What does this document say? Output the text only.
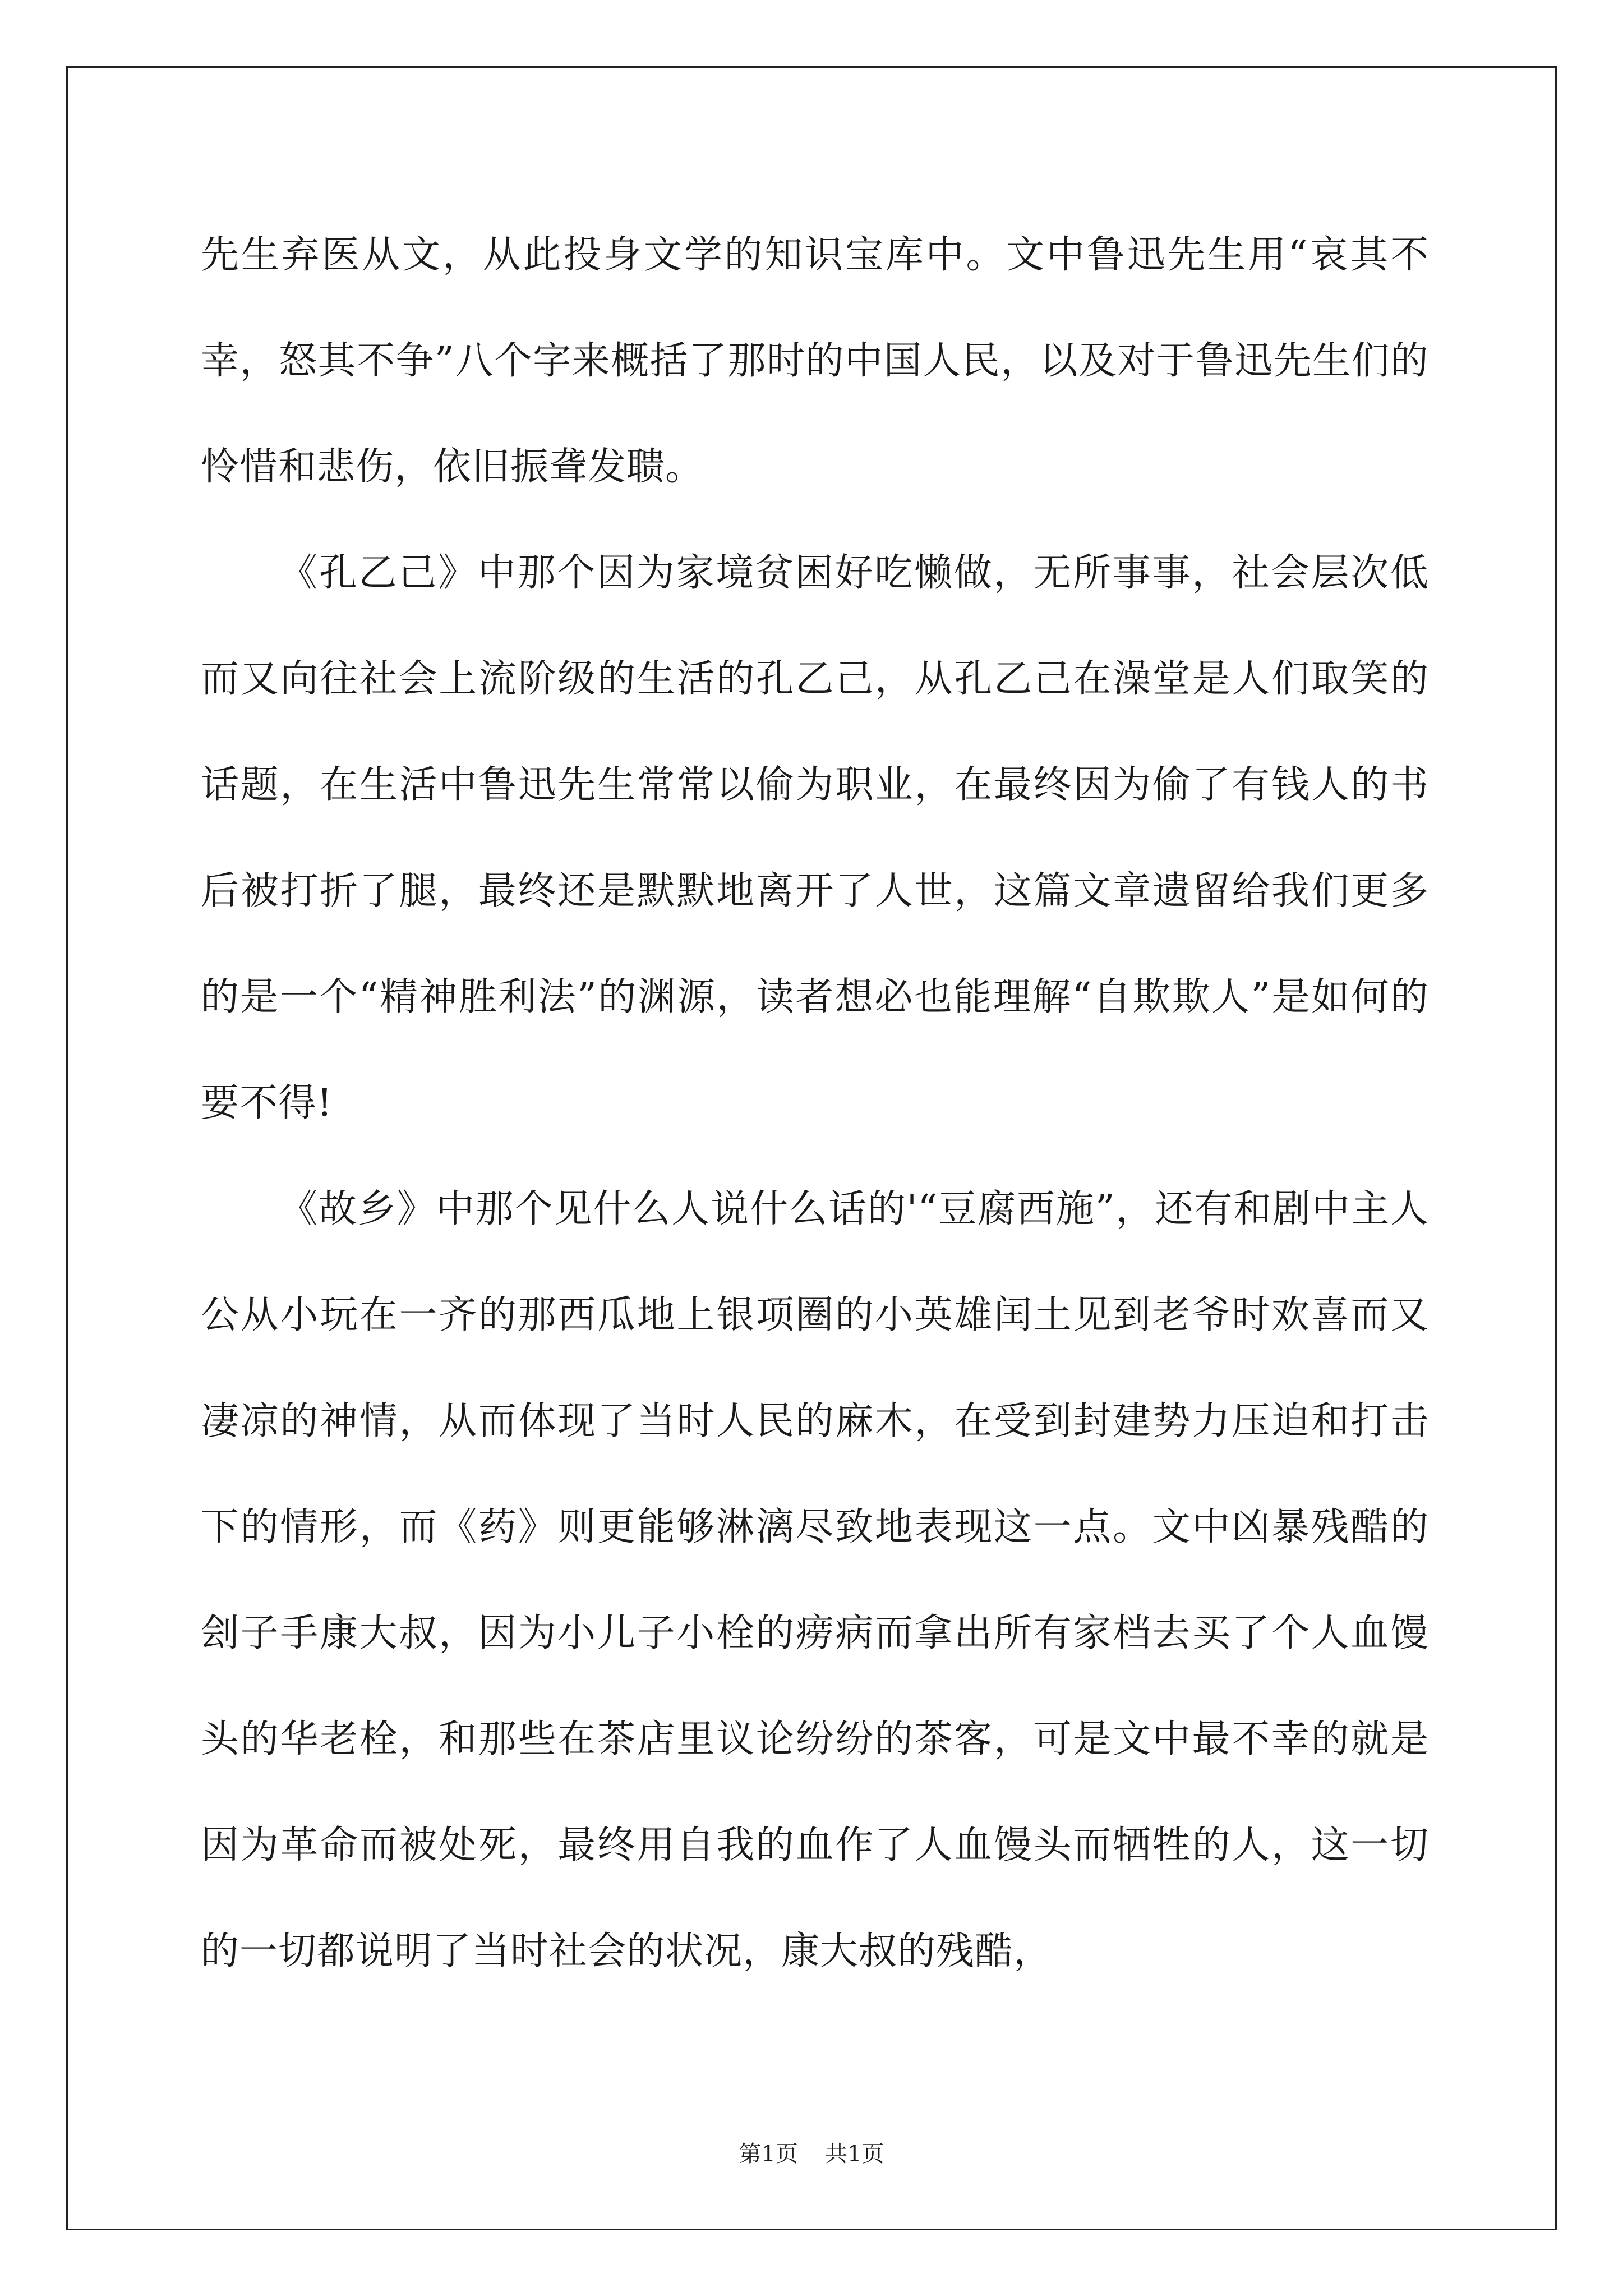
先生弃医从文，从此投身文学的知识宝库中。文中鲁迅先生用“哀其不幸，怒其不争”八个字来概括了那时的中国人民，以及对于鲁迅先生们的怜惜和悲伤，依旧振聋发聩。

《孔乙己》中那个因为家境贫困好吃懒做，无所事事，社会层次低而又向往社会上流阶级的生活的孔乙己，从孔乙己在澡堂是人们取笑的话题，在生活中鲁迅先生常常以偷为职业，在最终因为偷了有钱人的书后被打折了腿，最终还是默默地离开了人世，这篇文章遗留给我们更多的是一个“精神胜利法”的渊源，读者想必也能理解“自欺欺人”是如何的要不得!

《故乡》中那个见什么人说什么话的'“豆腐西施”，还有和剧中主人公从小玩在一齐的那西瓜地上银项圈的小英雄闰土见到老爷时欢喜而又凄凉的神情，从而体现了当时人民的麻木，在受到封建势力压迫和打击下的情形，而《药》则更能够淋漓尽致地表现这一点。文中凶暴残酷的刽子手康大叔，因为小儿子小栓的痨病而拿出所有家档去买了个人血馒头的华老栓，和那些在茶店里议论纷纷的茶客，可是文中最不幸的就是因为革命而被处死，最终用自我的血作了人血馒头而牺牲的人，这一切的一切都说明了当时社会的状况，康大叔的残酷，

第1页 共1页
